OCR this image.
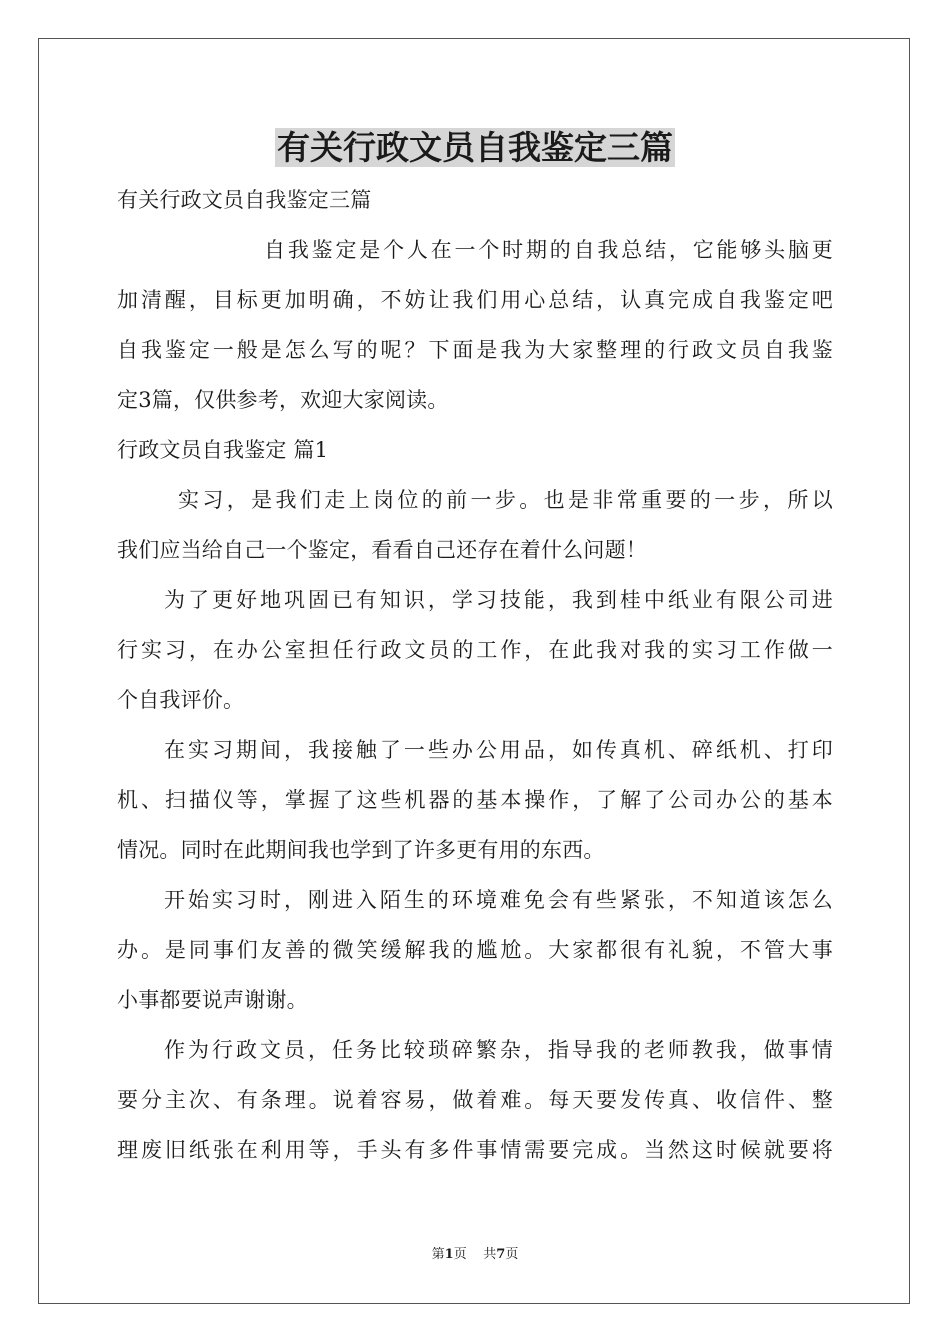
有关行政文员自我鉴定三篇
有关行政文员自我鉴定三篇
自我鉴定是个人在一个时期的自我总结，它能够头脑更
加清醒，目标更加明确，不妨让我们用心总结，认真完成自我鉴定吧
自我鉴定一般是怎么写的呢？下面是我为大家整理的行政文员自我鉴
定3篇，仅供参考，欢迎大家阅读。
行政文员自我鉴定 篇1
实习，是我们走上岗位的前一步。也是非常重要的一步，所以
我们应当给自己一个鉴定，看看自己还存在着什么问题！
为了更好地巩固已有知识，学习技能，我到桂中纸业有限公司进
行实习，在办公室担任行政文员的工作，在此我对我的实习工作做一
个自我评价。
在实习期间，我接触了一些办公用品，如传真机、碎纸机、打印
机、扫描仪等，掌握了这些机器的基本操作，了解了公司办公的基本
情况。同时在此期间我也学到了许多更有用的东西。
开始实习时，刚进入陌生的环境难免会有些紧张，不知道该怎么
办。是同事们友善的微笑缓解我的尴尬。大家都很有礼貌，不管大事
小事都要说声谢谢。
作为行政文员，任务比较琐碎繁杂，指导我的老师教我，做事情
要分主次、有条理。说着容易，做着难。每天要发传真、收信件、整
理废旧纸张在利用等，手头有多件事情需要完成。当然这时候就要将
第1页 共7页
